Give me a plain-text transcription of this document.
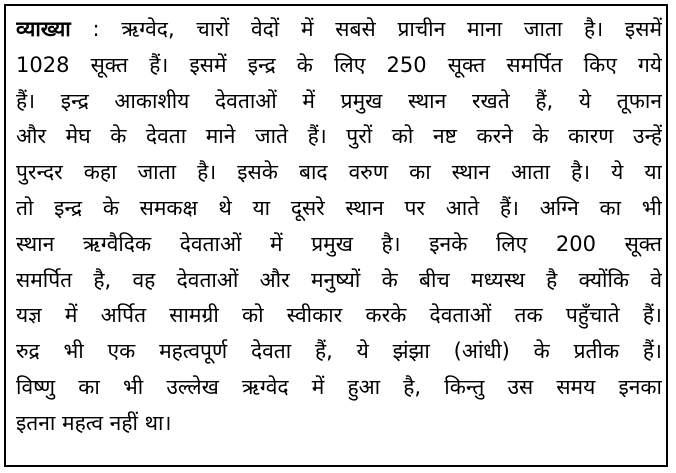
व्याख्या : ऋग्वेद, चारों वेदों में सबसे प्राचीन माना जाता है। इसमें
1028 सूक्त हैं। इसमें इन्द्र के लिए 250 सूक्त समर्पित किए गये
हैं। इन्द्र आकाशीय देवताओं में प्रमुख स्थान रखते हैं, ये तूफान
और मेघ के देवता माने जाते हैं। पुरों को नष्ट करने के कारण उन्हें
पुरन्दर कहा जाता है। इसके बाद वरुण का स्थान आता है। ये या
तो इन्द्र के समकक्ष थे या दूसरे स्थान पर आते हैं। अग्नि का भी
स्थान ऋग्वैदिक देवताओं में प्रमुख है। इनके लिए 200 सूक्त
समर्पित है, वह देवताओं और मनुष्यों के बीच मध्यस्थ है क्योंकि वे
यज्ञ में अर्पित सामग्री को स्वीकार करके देवताओं तक पहुँचाते हैं।
रुद्र भी एक महत्वपूर्ण देवता हैं, ये झंझा (आंधी) के प्रतीक हैं।
विष्णु का भी उल्लेख ऋग्वेद में हुआ है, किन्तु उस समय इनका
इतना महत्व नहीं था।
